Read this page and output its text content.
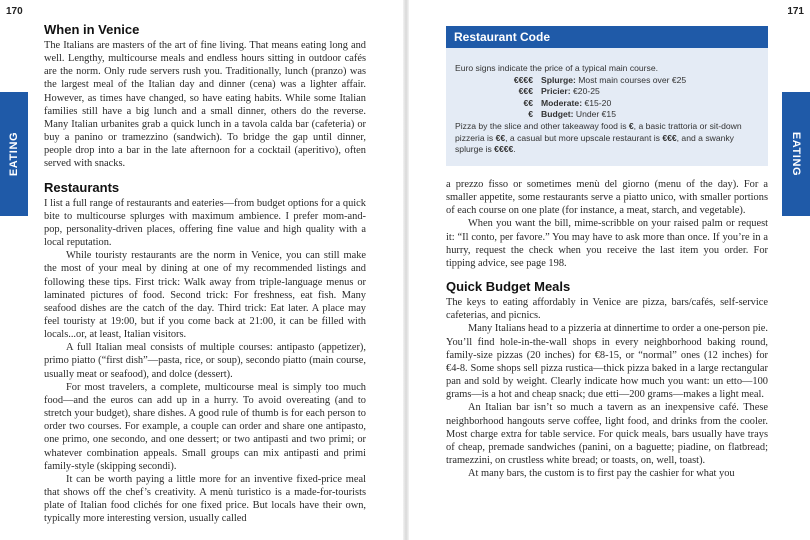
170
EATING
When in Venice

The Italians are masters of the art of fine living. That means eating long and well. Lengthy, multicourse meals and endless hours sitting in outdoor cafés are the norm. Only rude servers rush you. Traditionally, lunch (pranzo) was the largest meal of the Italian day and dinner (cena) was a lighter affair. However, as times have changed, so have eating habits. While some Italian families still have a big lunch and a small dinner, others do the reverse. Many Italian urbanites grab a quick lunch in a tavola calda bar (cafeteria) or buy a panino or tramezzino (sandwich). To bridge the gap until dinner, people drop into a bar in the late afternoon for a cocktail (aperitivo), often served with snacks.

Restaurants

I list a full range of restaurants and eateries—from budget options for a quick bite to multicourse splurges with maximum ambience. I prefer mom-and-pop, personality-driven places, offering fine value and high quality with a local reputation.

While touristy restaurants are the norm in Venice, you can still make the most of your meal by dining at one of my recommended listings and following these tips. First trick: Walk away from triple-language menus or laminated pictures of food. Second trick: For freshness, eat fish. Many seafood dishes are the catch of the day. Third trick: Eat later. A place may feel touristy at 19:00, but if you come back at 21:00, it can be filled with locals...or, at least, Italian visitors.

A full Italian meal consists of multiple courses: antipasto (appetizer), primo piatto (“first dish”—pasta, rice, or soup), secondo piatto (main course, usually meat or seafood), and dolce (dessert).

For most travelers, a complete, multicourse meal is simply too much food—and the euros can add up in a hurry. To avoid overeating (and to stretch your budget), share dishes. A good rule of thumb is for each person to order two courses. For example, a couple can order and share one antipasto, one primo, one secondo, and one dessert; or two antipasti and two primi; or whatever combination appeals. Small groups can mix antipasti and primi family-style (skipping secondi).

It can be worth paying a little more for an inventive fixed-price meal that shows off the chef’s creativity. A menù turistico is a made-for-tourists plate of Italian food clichés for one fixed price. But locals have their own, typically more interesting version, usually called

171
EATING
Restaurant Code
Euro signs indicate the price of a typical main course.
€€€€ Splurge:
Most main courses over €25
€€€ Pricier:
€20-25
€€ Moderate:
€15-20
€ Budget:
Under €15
Pizza by the slice and other takeaway food is €, a basic trattoria or sit-down pizzeria is €€, a casual but more upscale restaurant is €€€, and a swanky splurge is €€€€.

a prezzo fisso or sometimes menù del giorno (menu of the day). For a smaller appetite, some restaurants serve a piatto unico, with smaller portions of each course on one plate (for instance, a meat, starch, and vegetable).

When you want the bill, mime-scribble on your raised palm or request it: “Il conto, per favore.” You may have to ask more than once. If you’re in a hurry, request the check when you receive the last item you order. For tipping advice, see page 198.

Quick Budget Meals

The keys to eating affordably in Venice are pizza, bars/cafés, self-service cafeterias, and picnics.

Many Italians head to a pizzeria at dinnertime to order a one-person pie. You’ll find hole-in-the-wall shops in every neighborhood baking round, family-size pizzas (20 inches) for €8-15, or “normal” ones (12 inches) for €4-8. Some shops sell pizza rustica—thick pizza baked in a large rectangular pan and sold by weight. Clearly indicate how much you want: un etto—100 grams—is a hot and cheap snack; due etti—200 grams—makes a light meal.

An Italian bar isn’t so much a tavern as an inexpensive café. These neighborhood hangouts serve coffee, light food, and drinks from the cooler. Most charge extra for table service. For quick meals, bars usually have trays of cheap, premade sandwiches (panini, on a baguette; piadine, on flatbread; tramezzini, on crustless white bread; or toasts, on, well, toast).

At many bars, the custom is to first pay the cashier for what you
